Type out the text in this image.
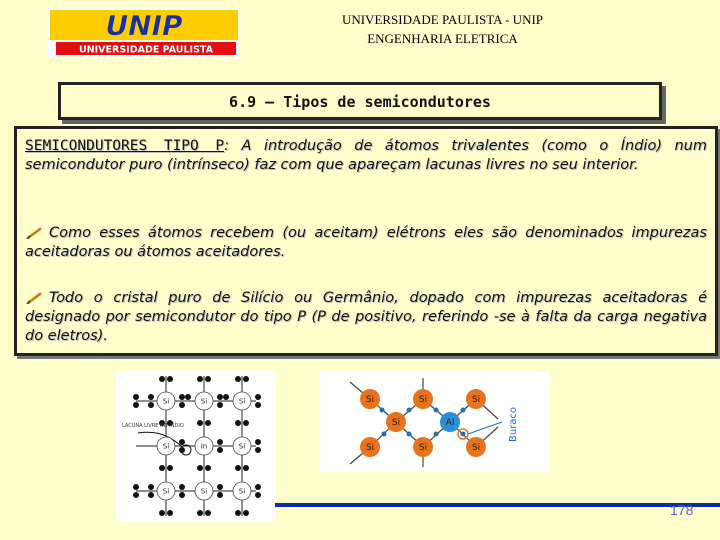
UNIP
UNIVERSIDADE PAULISTA
UNIVERSIDADE PAULISTA - UNIP
ENGENHARIA ELETRICA
6.9 – Tipos de semicondutores
SEMICONDUTORES TIPO P: A introdução de átomos trivalentes (como o Índio) num semicondutor puro (intrínseco) faz com que apareçam lacunas livres no seu interior.
Como esses átomos recebem (ou aceitam) elétrons eles são denominados impurezas aceitadoras ou átomos aceitadores.
Todo o cristal puro de Silício ou Germânio, dopado com impurezas aceitadoras é designado por semicondutor do tipo P (P de positivo, referindo -se à falta da carga negativa do eletros).
LACUNA LIVRE NO ÍNDIO
Si	Si	Si
Si	In	Si
Si	Si	Si
Si	Si	Si
Si
Si	Si	Si
Al	Buraco
178
